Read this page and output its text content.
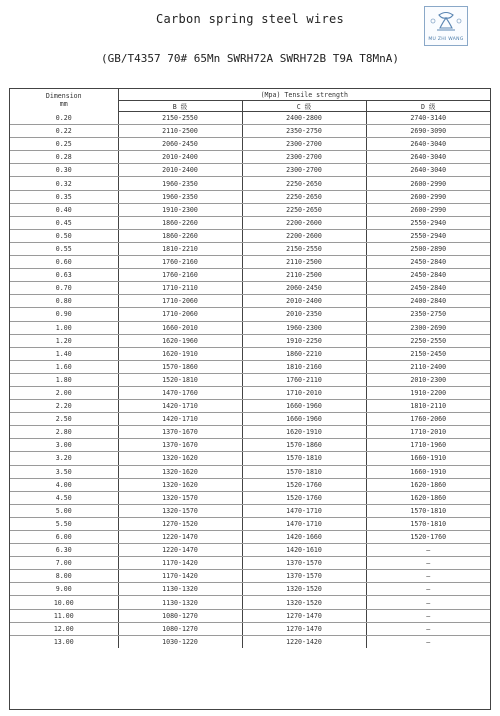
Carbon spring steel wires
MU ZHI WANG
(GB/T4357 70# 65Mn SWRH72A SWRH72B T9A T8MnA)
Dimension
mm	(Mpa) Tensile strength		
	B 级	C 级	D 级
0.20	2150-2550	2400-2800	2740-3140
0.22	2110-2500	2350-2750	2690-3090
0.25	2060-2450	2300-2700	2640-3040
0.28	2010-2400	2300-2700	2640-3040
0.30	2010-2400	2300-2700	2640-3040
0.32	1960-2350	2250-2650	2600-2990
0.35	1960-2350	2250-2650	2600-2990
0.40	1910-2300	2250-2650	2600-2990
0.45	1860-2260	2200-2600	2550-2940
0.50	1860-2260	2200-2600	2550-2940
0.55	1810-2210	2150-2550	2500-2890
0.60	1760-2160	2110-2500	2450-2840
0.63	1760-2160	2110-2500	2450-2840
0.70	1710-2110	2060-2450	2450-2840
0.80	1710-2060	2010-2400	2400-2840
0.90	1710-2060	2010-2350	2350-2750
1.00	1660-2010	1960-2300	2300-2690
1.20	1620-1960	1910-2250	2250-2550
1.40	1620-1910	1860-2210	2150-2450
1.60	1570-1860	1810-2160	2110-2400
1.80	1520-1810	1760-2110	2010-2300
2.00	1470-1760	1710-2010	1910-2200
2.20	1420-1710	1660-1960	1810-2110
2.50	1420-1710	1660-1960	1760-2060
2.80	1370-1670	1620-1910	1710-2010
3.00	1370-1670	1570-1860	1710-1960
3.20	1320-1620	1570-1810	1660-1910
3.50	1320-1620	1570-1810	1660-1910
4.00	1320-1620	1520-1760	1620-1860
4.50	1320-1570	1520-1760	1620-1860
5.00	1320-1570	1470-1710	1570-1810
5.50	1270-1520	1470-1710	1570-1810
6.00	1220-1470	1420-1660	1520-1760
6.30	1220-1470	1420-1610	–
7.00	1170-1420	1370-1570	–
8.00	1170-1420	1370-1570	–
9.00	1130-1320	1320-1520	–
10.00	1130-1320	1320-1520	–
11.00	1080-1270	1270-1470	–
12.00	1080-1270	1270-1470	–
13.00	1030-1220	1220-1420	–
